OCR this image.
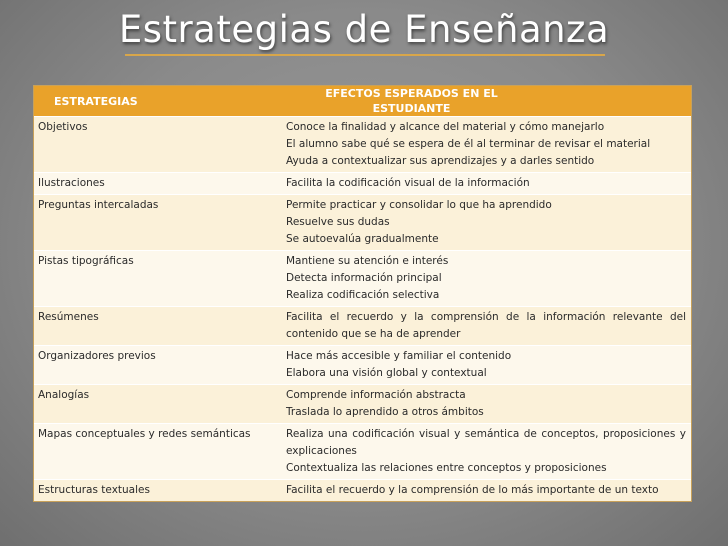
Estrategias de Enseñanza
ESTRATEGIAS	EFECTOS ESPERADOS EN EL
ESTUDIANTE

Objetivos	Conoce la finalidad y alcance del material y cómo manejarlo
El alumno sabe qué se espera de él al terminar de revisar el material
Ayuda a contextualizar sus aprendizajes y a darles sentido

Ilustraciones	Facilita la codificación visual de la información

Preguntas intercaladas	Permite practicar y consolidar lo que ha aprendido
Resuelve sus dudas
Se autoevalúa gradualmente

Pistas tipográficas	Mantiene su atención e interés
Detecta información principal
Realiza codificación selectiva

Resúmenes	Facilita el recuerdo y la comprensión de la información relevante del contenido que se ha de aprender

Organizadores previos	Hace más accesible y familiar el contenido
Elabora una visión global y contextual

Analogías	Comprende información abstracta
Traslada lo aprendido a otros ámbitos

Mapas conceptuales y redes semánticas	Realiza una codificación visual y semántica de conceptos, proposiciones y explicaciones
Contextualiza las relaciones entre conceptos y proposiciones

Estructuras textuales	Facilita el recuerdo y la comprensión de lo más importante de un texto
